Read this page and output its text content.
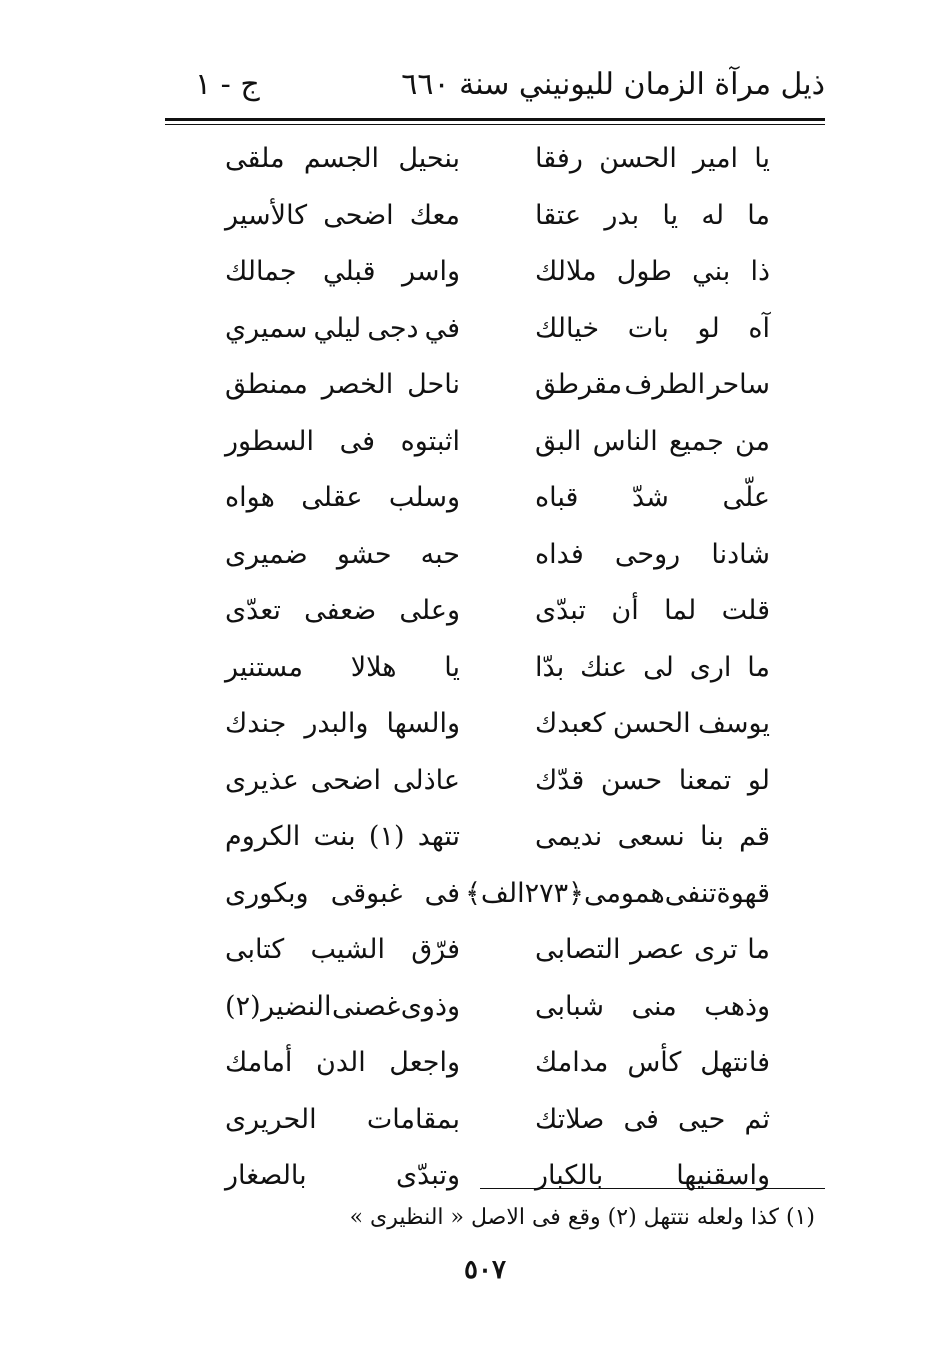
ذيل مرآة الزمان لليونيني سنة ٦٦٠
ج - ١
يا
امير
الحسن
رفقا
بنحيل
الجسم
ملقى
ما
له
يا
بدر
عتقا
معك
اضحى
كالأسير
ذا
بني
طول
ملالك
واسر
قبلي
جمالك
آه
لو
بات
خيالك
في
دجى
ليلي
سميري
ساحر
الطرف
مقرطق
ناحل
الخصر
ممنطق
من
جميع
الناس
البق
اثبتوه
فى
السطور
علّى
شدّ
قباه
وسلب
عقلى
هواه
شادنا
روحى
فداه
حبه
حشو
ضميرى
قلت
لما
أن
تبدّى
وعلى
ضعفى
تعدّى
ما
ارى
لى
عنك
بدّا
يا
هلالا
مستنير
يوسف
الحسن
كعبدك
والسها
والبدر
جندك
لو
تمعنا
حسن
قدّك
عاذلى
اضحى
عذيرى
قم
بنا
نسعى
نديمى
تتهد
(١)
بنت
الكروم
قهوة
تنفى
همومى
﴿٢٧٣الف﴾
فى
غبوقى
وبكورى
ما
ترى
عصر
التصابى
فرّق
الشيب
كتابى
وذهب
منى
شبابى
وذوى
غصنى
النضير
(٢)
فانتهل
كأس
مدامك
واجعل
الدن
أمامك
ثم
حيى
فى
صلاتك
بمقامات
الحريرى
واسقنيها
بالكبار
وتبدّى
بالصغار
(١) كذا ولعله نتتهل (٢) وقع فى الاصل « النظيرى »
٥٠٧
